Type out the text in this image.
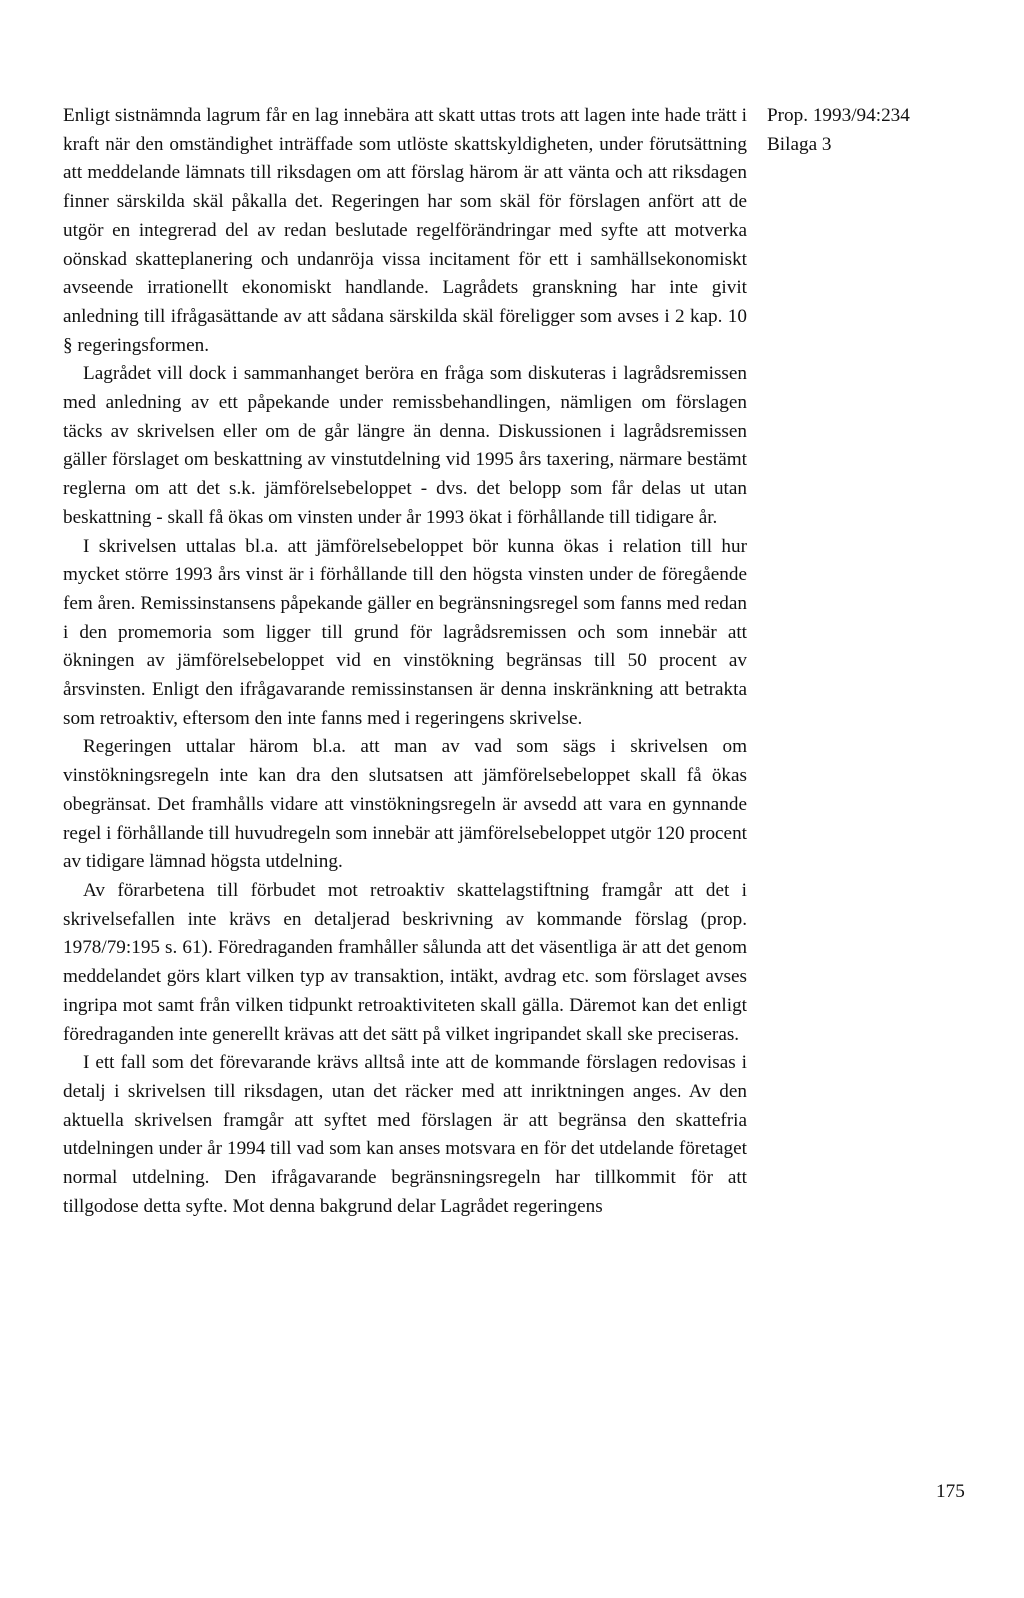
Enligt sistnämnda lagrum får en lag innebära att skatt uttas trots att lagen inte hade trätt i kraft när den omständighet inträffade som utlöste skattskyldigheten, under förutsättning att meddelande lämnats till riksdagen om att förslag härom är att vänta och att riksdagen finner särskilda skäl påkalla det. Regeringen har som skäl för förslagen anfört att de utgör en integrerad del av redan beslutade regelförändringar med syfte att motverka oönskad skatteplanering och undanröja vissa incitament för ett i samhällsekonomiskt avseende irrationellt ekonomiskt handlande. Lagrådets granskning har inte givit anledning till ifrågasättande av att sådana särskilda skäl föreligger som avses i 2 kap. 10 § regeringsformen.

Lagrådet vill dock i sammanhanget beröra en fråga som diskuteras i lagrådsremissen med anledning av ett påpekande under remissbehandlingen, nämligen om förslagen täcks av skrivelsen eller om de går längre än denna. Diskussionen i lagrådsremissen gäller förslaget om beskattning av vinstutdelning vid 1995 års taxering, närmare bestämt reglerna om att det s.k. jämförelsebeloppet - dvs. det belopp som får delas ut utan beskattning - skall få ökas om vinsten under år 1993 ökat i förhållande till tidigare år.

I skrivelsen uttalas bl.a. att jämförelsebeloppet bör kunna ökas i relation till hur mycket större 1993 års vinst är i förhållande till den högsta vinsten under de föregående fem åren. Remissinstansens påpekande gäller en begränsningsregel som fanns med redan i den promemoria som ligger till grund för lagrådsremissen och som innebär att ökningen av jämförelsebeloppet vid en vinstökning begränsas till 50 procent av årsvinsten. Enligt den ifrågavarande remissinstansen är denna inskränkning att betrakta som retroaktiv, eftersom den inte fanns med i regeringens skrivelse.

Regeringen uttalar härom bl.a. att man av vad som sägs i skrivelsen om vinstökningsregeln inte kan dra den slutsatsen att jämförelsebeloppet skall få ökas obegränsat. Det framhålls vidare att vinstökningsregeln är avsedd att vara en gynnande regel i förhållande till huvudregeln som innebär att jämförelsebeloppet utgör 120 procent av tidigare lämnad högsta utdelning.

Av förarbetena till förbudet mot retroaktiv skattelagstiftning framgår att det i skrivelsefallen inte krävs en detaljerad beskrivning av kommande förslag (prop. 1978/79:195 s. 61). Föredraganden framhåller sålunda att det väsentliga är att det genom meddelandet görs klart vilken typ av transaktion, intäkt, avdrag etc. som förslaget avses ingripa mot samt från vilken tidpunkt retroaktiviteten skall gälla. Däremot kan det enligt föredraganden inte generellt krävas att det sätt på vilket ingripandet skall ske preciseras.

I ett fall som det förevarande krävs alltså inte att de kommande förslagen redovisas i detalj i skrivelsen till riksdagen, utan det räcker med att inriktningen anges. Av den aktuella skrivelsen framgår att syftet med förslagen är att begränsa den skattefria utdelningen under år 1994 till vad som kan anses motsvara en för det utdelande företaget normal utdelning. Den ifrågavarande begränsningsregeln har tillkommit för att tillgodose detta syfte. Mot denna bakgrund delar Lagrådet regeringens

Prop. 1993/94:234
Bilaga 3
175
